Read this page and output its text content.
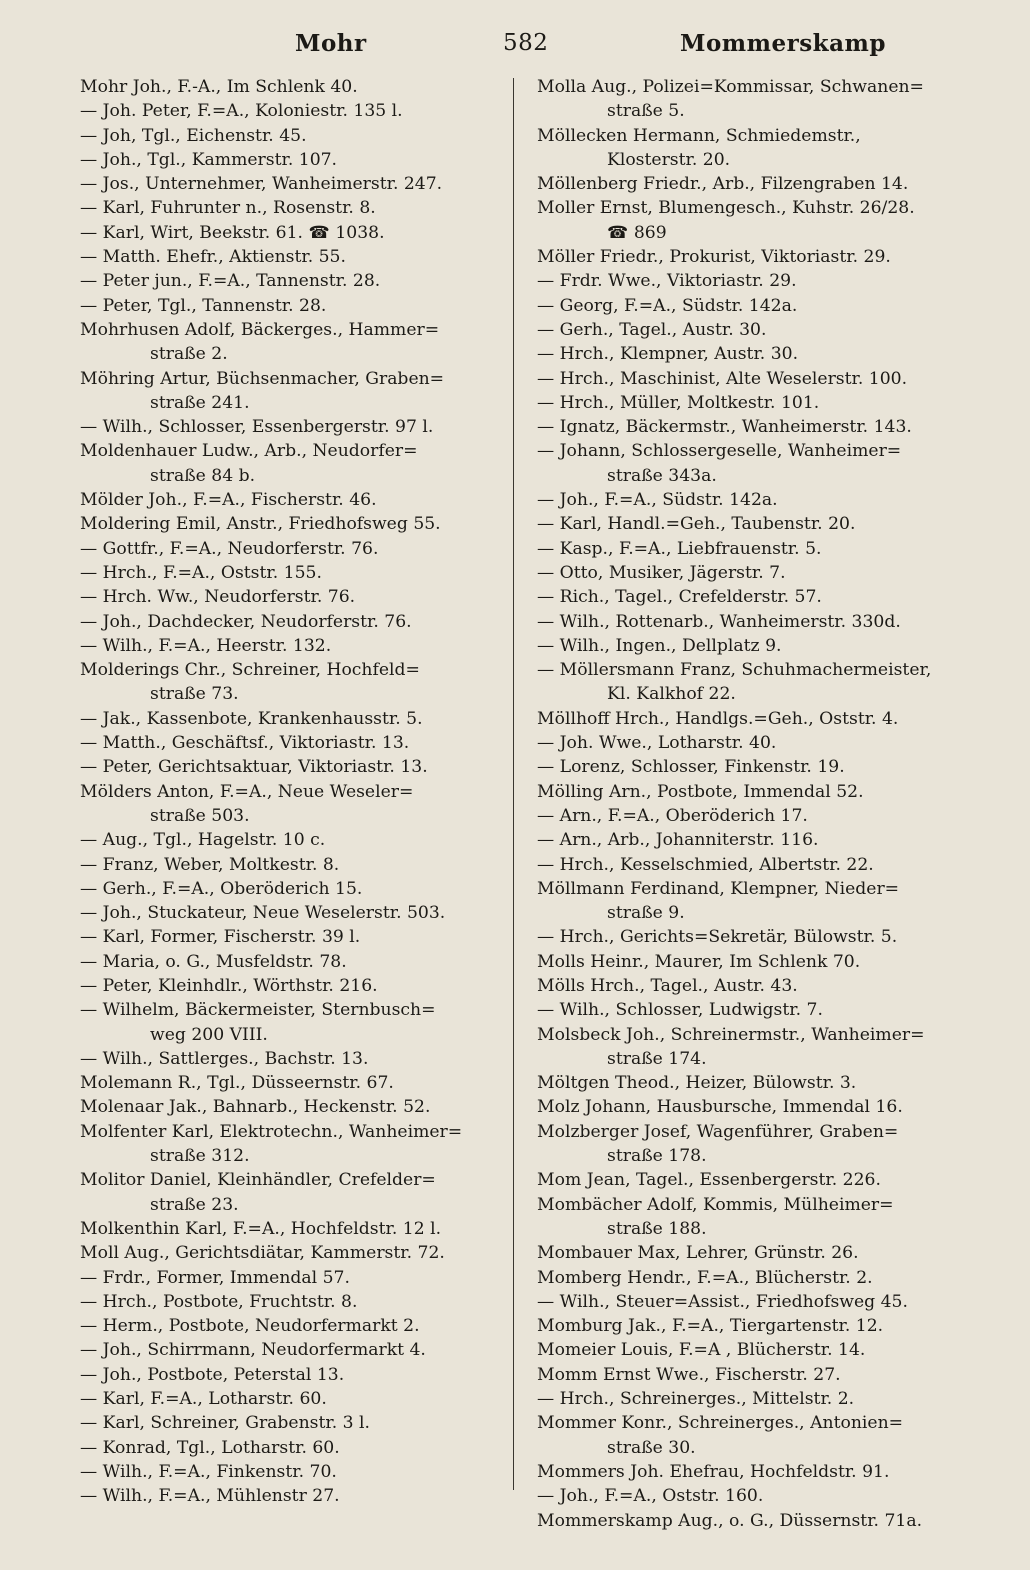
Mohr	582	Mommerskamp
Mohr Joh., F.-A., Im Schlenk 40.
— Joh. Peter, F.=A., Koloniestr. 135 l.
— Joh, Tgl., Eichenstr. 45.
— Joh., Tgl., Kammerstr. 107.
— Jos., Unternehmer, Wanheimerstr. 247.
— Karl, Fuhrunter n., Rosenstr. 8.
— Karl, Wirt, Beekstr. 61. ☎ 1038.
— Matth. Ehefr., Aktienstr. 55.
— Peter jun., F.=A., Tannenstr. 28.
— Peter, Tgl., Tannenstr. 28.
Mohrhusen Adolf, Bäckerges., Hammer=
straße 2.
Möhring Artur, Büchsenmacher, Graben=
straße 241.
— Wilh., Schlosser, Essenbergerstr. 97 l.
Moldenhauer Ludw., Arb., Neudorfer=
straße 84 b.
Mölder Joh., F.=A., Fischerstr. 46.
Moldering Emil, Anstr., Friedhofsweg 55.
— Gottfr., F.=A., Neudorferstr. 76.
— Hrch., F.=A., Oststr. 155.
— Hrch. Ww., Neudorferstr. 76.
— Joh., Dachdecker, Neudorferstr. 76.
— Wilh., F.=A., Heerstr. 132.
Molderings Chr., Schreiner, Hochfeld=
straße 73.
— Jak., Kassenbote, Krankenhausstr. 5.
— Matth., Geschäftsf., Viktoriastr. 13.
— Peter, Gerichtsaktuar, Viktoriastr. 13.
Mölders Anton, F.=A., Neue Weseler=
straße 503.
— Aug., Tgl., Hagelstr. 10 c.
— Franz, Weber, Moltkestr. 8.
— Gerh., F.=A., Oberöderich 15.
— Joh., Stuckateur, Neue Weselerstr. 503.
— Karl, Former, Fischerstr. 39 l.
— Maria, o. G., Musfeldstr. 78.
— Peter, Kleinhdlr., Wörthstr. 216.
— Wilhelm, Bäckermeister, Sternbusch=
weg 200 VIII.
— Wilh., Sattlerges., Bachstr. 13.
Molemann R., Tgl., Düsseernstr. 67.
Molenaar Jak., Bahnarb., Heckenstr. 52.
Molfenter Karl, Elektrotechn., Wanheimer=
straße 312.
Molitor Daniel, Kleinhändler, Crefelder=
straße 23.
Molkenthin Karl, F.=A., Hochfeldstr. 12 l.
Moll Aug., Gerichtsdiätar, Kammerstr. 72.
— Frdr., Former, Immendal 57.
— Hrch., Postbote, Fruchtstr. 8.
— Herm., Postbote, Neudorfermarkt 2.
— Joh., Schirrmann, Neudorfermarkt 4.
— Joh., Postbote, Peterstal 13.
— Karl, F.=A., Lotharstr. 60.
— Karl, Schreiner, Grabenstr. 3 l.
— Konrad, Tgl., Lotharstr. 60.
— Wilh., F.=A., Finkenstr. 70.
— Wilh., F.=A., Mühlenstr 27.
Molla Aug., Polizei=Kommissar, Schwanen=
straße 5.
Möllecken Hermann, Schmiedemstr.,
Klosterstr. 20.
Möllenberg Friedr., Arb., Filzengraben 14.
Moller Ernst, Blumengesch., Kuhstr. 26/28.
☎ 869
Möller Friedr., Prokurist, Viktoriastr. 29.
— Frdr. Wwe., Viktoriastr. 29.
— Georg, F.=A., Südstr. 142a.
— Gerh., Tagel., Austr. 30.
— Hrch., Klempner, Austr. 30.
— Hrch., Maschinist, Alte Weselerstr. 100.
— Hrch., Müller, Moltkestr. 101.
— Ignatz, Bäckermstr., Wanheimerstr. 143.
— Johann, Schlossergeselle, Wanheimer=
straße 343a.
— Joh., F.=A., Südstr. 142a.
— Karl, Handl.=Geh., Taubenstr. 20.
— Kasp., F.=A., Liebfrauenstr. 5.
— Otto, Musiker, Jägerstr. 7.
— Rich., Tagel., Crefelderstr. 57.
— Wilh., Rottenarb., Wanheimerstr. 330d.
— Wilh., Ingen., Dellplatz 9.
— Möllersmann Franz, Schuhmachermeister,
Kl. Kalkhof 22.
Möllhoff Hrch., Handlgs.=Geh., Oststr. 4.
— Joh. Wwe., Lotharstr. 40.
— Lorenz, Schlosser, Finkenstr. 19.
Mölling Arn., Postbote, Immendal 52.
— Arn., F.=A., Oberöderich 17.
— Arn., Arb., Johanniterstr. 116.
— Hrch., Kesselschmied, Albertstr. 22.
Möllmann Ferdinand, Klempner, Nieder=
straße 9.
— Hrch., Gerichts=Sekretär, Bülowstr. 5.
Molls Heinr., Maurer, Im Schlenk 70.
Mölls Hrch., Tagel., Austr. 43.
— Wilh., Schlosser, Ludwigstr. 7.
Molsbeck Joh., Schreinermstr., Wanheimer=
straße 174.
Möltgen Theod., Heizer, Bülowstr. 3.
Molz Johann, Hausbursche, Immendal 16.
Molzberger Josef, Wagenführer, Graben=
straße 178.
Mom Jean, Tagel., Essenbergerstr. 226.
Mombächer Adolf, Kommis, Mülheimer=
straße 188.
Mombauer Max, Lehrer, Grünstr. 26.
Momberg Hendr., F.=A., Blücherstr. 2.
— Wilh., Steuer=Assist., Friedhofsweg 45.
Momburg Jak., F.=A., Tiergartenstr. 12.
Momeier Louis, F.=A , Blücherstr. 14.
Momm Ernst Wwe., Fischerstr. 27.
— Hrch., Schreinerges., Mittelstr. 2.
Mommer Konr., Schreinerges., Antonien=
straße 30.
Mommers Joh. Ehefrau, Hochfeldstr. 91.
— Joh., F.=A., Oststr. 160.
Mommerskamp Aug., o. G., Düssernstr. 71a.
